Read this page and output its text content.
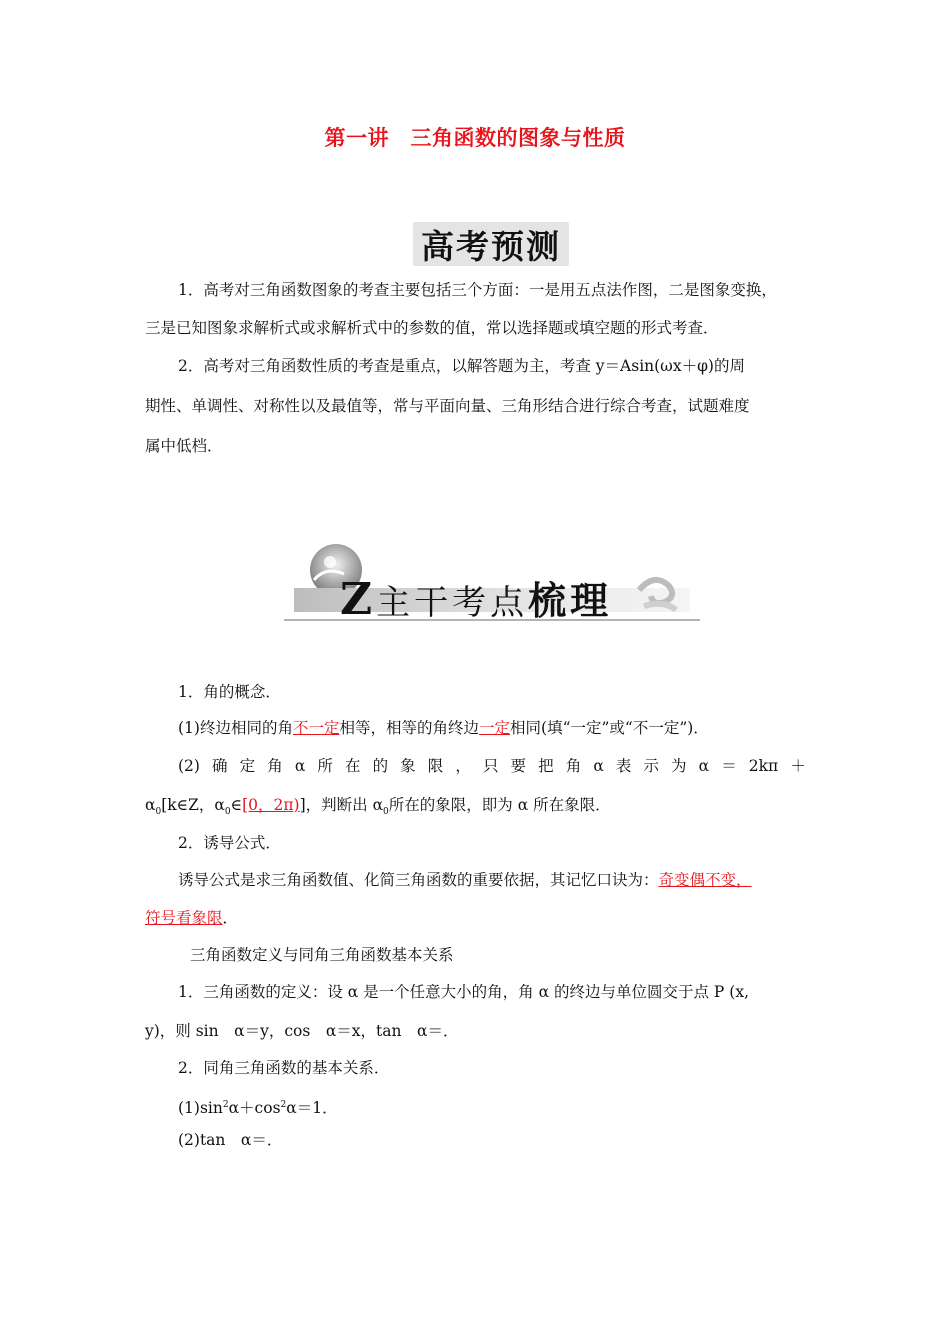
第一讲　三角函数的图象与性质
高考预测
1．高考对三角函数图象的考查主要包括三个方面：一是用五点法作图，二是图象变换，
三是已知图象求解析式或求解析式中的参数的值，常以选择题或填空题的形式考查．
2．高考对三角函数性质的考查是重点，以解答题为主，考查 y＝Asin(ωx＋φ)的周
期性、单调性、对称性以及最值等，常与平面向量、三角形结合进行综合考查，试题难度
属中低档．
Z主干考点梳理
1．角的概念．
(1)终边相同的角不一定相等，相等的角终边一定相同(填“一定”或“不一定”)．
(2) 确 定 角 α 所 在 的 象 限 ， 只 要 把 角 α 表 示 为 α ＝ 2kπ ＋
$\alpha_0[k\in Z$，$\alpha_0\in[0$，2π)]，判断出 $\alpha_0$所在的象限，即为 α 所在象限．
2．诱导公式．
诱导公式是求三角函数值、化简三角函数的重要依据，其记忆口诀为：奇变偶不变，
符号看象限．
三角函数定义与同角三角函数基本关系
1．三角函数的定义：设 α 是一个任意大小的角，角 α 的终边与单位圆交于点 P (x,
y)，则 sin　α＝y，cos　α＝x，tan　α＝．
2．同角三角函数的基本关系．
$(1)\sin^2\alpha+\cos^2\alpha=1$．
(2)tan　α＝．
